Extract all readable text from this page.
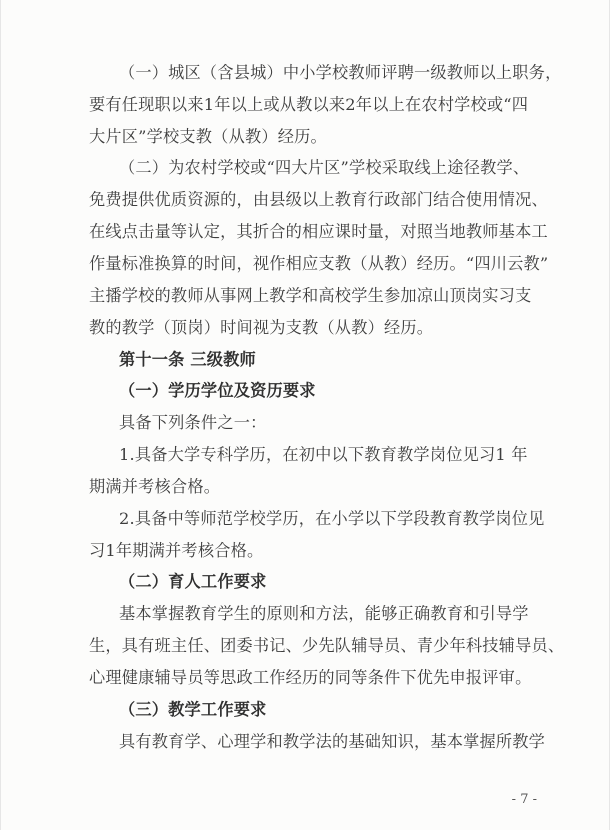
（一）城区（含县城）中小学校教师评聘一级教师以上职务，
要有任现职以来1年以上或从教以来2年以上在农村学校或“四
大片区”学校支教（从教）经历。
（二）为农村学校或“四大片区”学校采取线上途径教学、
免费提供优质资源的，由县级以上教育行政部门结合使用情况、
在线点击量等认定，其折合的相应课时量，对照当地教师基本工
作量标准换算的时间，视作相应支教（从教）经历。“四川云教”
主播学校的教师从事网上教学和高校学生参加凉山顶岗实习支
教的教学（顶岗）时间视为支教（从教）经历。
第十一条 三级教师
（一）学历学位及资历要求
具备下列条件之一：
1.具备大学专科学历，在初中以下教育教学岗位见习1 年
期满并考核合格。
2.具备中等师范学校学历，在小学以下学段教育教学岗位见
习1年期满并考核合格。
（二）育人工作要求
基本掌握教育学生的原则和方法，能够正确教育和引导学
生，具有班主任、团委书记、少先队辅导员、青少年科技辅导员、
心理健康辅导员等思政工作经历的同等条件下优先申报评审。
（三）教学工作要求
具有教育学、心理学和教学法的基础知识，基本掌握所教学
- 7 -
